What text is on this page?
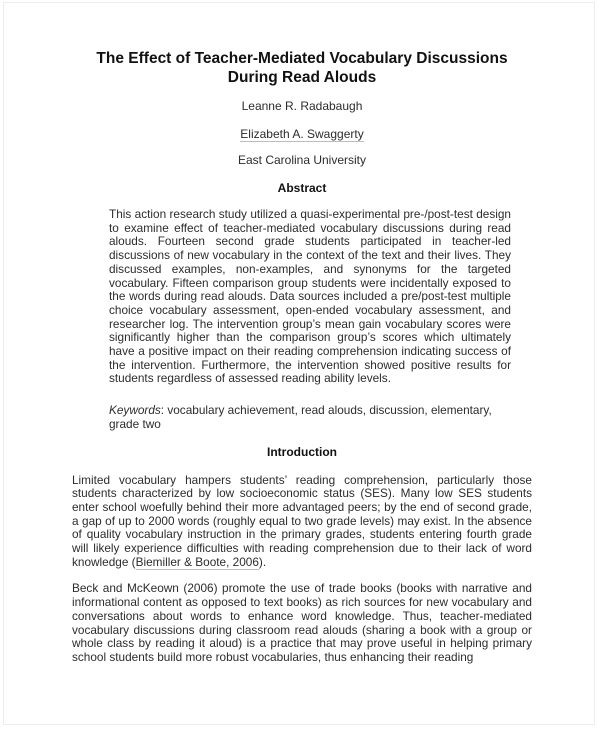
The Effect of Teacher-Mediated Vocabulary Discussions
During Read Alouds

Leanne R. Radabaugh

Elizabeth A. Swaggerty

East Carolina University

Abstract

This action research study utilized a quasi-experimental pre-/post-test design to examine effect of teacher-mediated vocabulary discussions during read alouds. Fourteen second grade students participated in teacher-led discussions of new vocabulary in the context of the text and their lives. They discussed examples, non-examples, and synonyms for the targeted vocabulary. Fifteen comparison group students were incidentally exposed to the words during read alouds. Data sources included a pre/post-test multiple choice vocabulary assessment, open-ended vocabulary assessment, and researcher log. The intervention group’s mean gain vocabulary scores were significantly higher than the comparison group’s scores which ultimately have a positive impact on their reading comprehension indicating success of the intervention. Furthermore, the intervention showed positive results for students regardless of assessed reading ability levels.

Keywords: vocabulary achievement, read alouds, discussion, elementary, grade two

Introduction

Limited vocabulary hampers students’ reading comprehension, particularly those students characterized by low socioeconomic status (SES). Many low SES students enter school woefully behind their more advantaged peers; by the end of second grade, a gap of up to 2000 words (roughly equal to two grade levels) may exist. In the absence of quality vocabulary instruction in the primary grades, students entering fourth grade will likely experience difficulties with reading comprehension due to their lack of word knowledge (Biemiller & Boote, 2006).

Beck and McKeown (2006) promote the use of trade books (books with narrative and informational content as opposed to text books) as rich sources for new vocabulary and conversations about words to enhance word knowledge. Thus, teacher-mediated vocabulary discussions during classroom read alouds (sharing a book with a group or whole class by reading it aloud) is a practice that may prove useful in helping primary school students build more robust vocabularies, thus enhancing their reading
